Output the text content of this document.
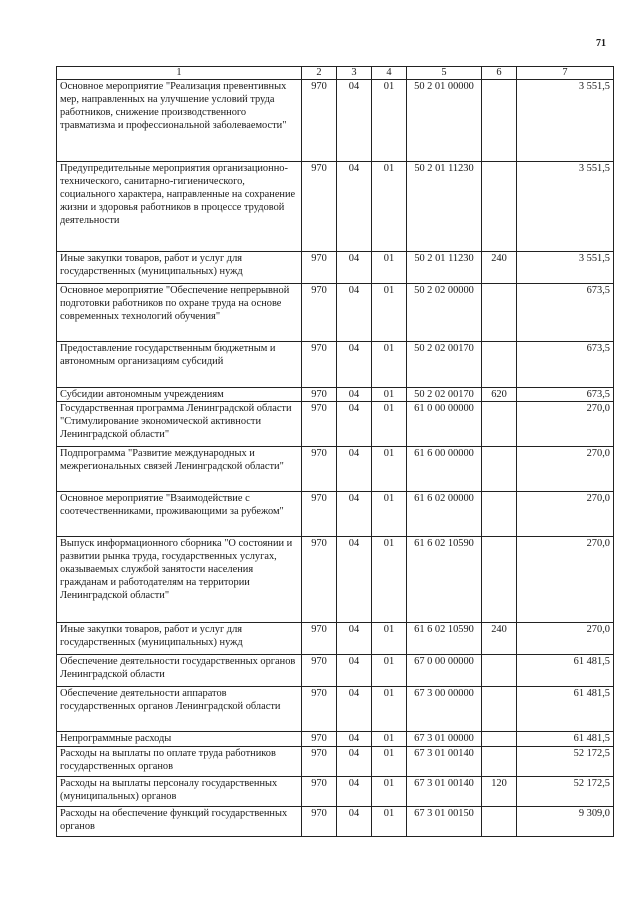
71
1	2	3	4	5	6	7
Основное мероприятие "Реализация превентивных мер, направленных на улучшение условий труда работников, снижение производственного травматизма и профессиональной заболеваемости"	970	04	01	50 2 01 00000		3 551,5
Предупредительные мероприятия организационно-технического, санитарно-гигиенического, социального характера, направленные на сохранение жизни и здоровья работников в процессе трудовой деятельности	970	04	01	50 2 01 11230		3 551,5
Иные закупки товаров, работ и услуг для государственных (муниципальных) нужд	970	04	01	50 2 01 11230	240	3 551,5
Основное мероприятие "Обеспечение непрерывной подготовки работников по охране труда на основе современных технологий обучения"	970	04	01	50 2 02 00000		673,5
Предоставление государственным бюджетным и автономным организациям субсидий	970	04	01	50 2 02 00170		673,5
Субсидии автономным учреждениям	970	04	01	50 2 02 00170	620	673,5
Государственная программа Ленинградской области "Стимулирование экономической активности Ленинградской области"	970	04	01	61 0 00 00000		270,0
Подпрограмма "Развитие международных и межрегиональных связей Ленинградской области"	970	04	01	61 6 00 00000		270,0
Основное мероприятие "Взаимодействие с соотечественниками, проживающими за рубежом"	970	04	01	61 6 02 00000		270,0
Выпуск информационного сборника "О состоянии и развитии рынка труда, государственных услугах, оказываемых службой занятости населения гражданам и работодателям на территории Ленинградской области"	970	04	01	61 6 02 10590		270,0
Иные закупки товаров, работ и услуг для государственных (муниципальных) нужд	970	04	01	61 6 02 10590	240	270,0
Обеспечение деятельности государственных органов Ленинградской области	970	04	01	67 0 00 00000		61 481,5
Обеспечение деятельности аппаратов государственных органов Ленинградской области	970	04	01	67 3 00 00000		61 481,5
Непрограммные расходы	970	04	01	67 3 01 00000		61 481,5
Расходы на выплаты по оплате труда работников государственных органов	970	04	01	67 3 01 00140		52 172,5
Расходы на выплаты персоналу государственных (муниципальных) органов	970	04	01	67 3 01 00140	120	52 172,5
Расходы на обеспечение функций государственных органов	970	04	01	67 3 01 00150		9 309,0
